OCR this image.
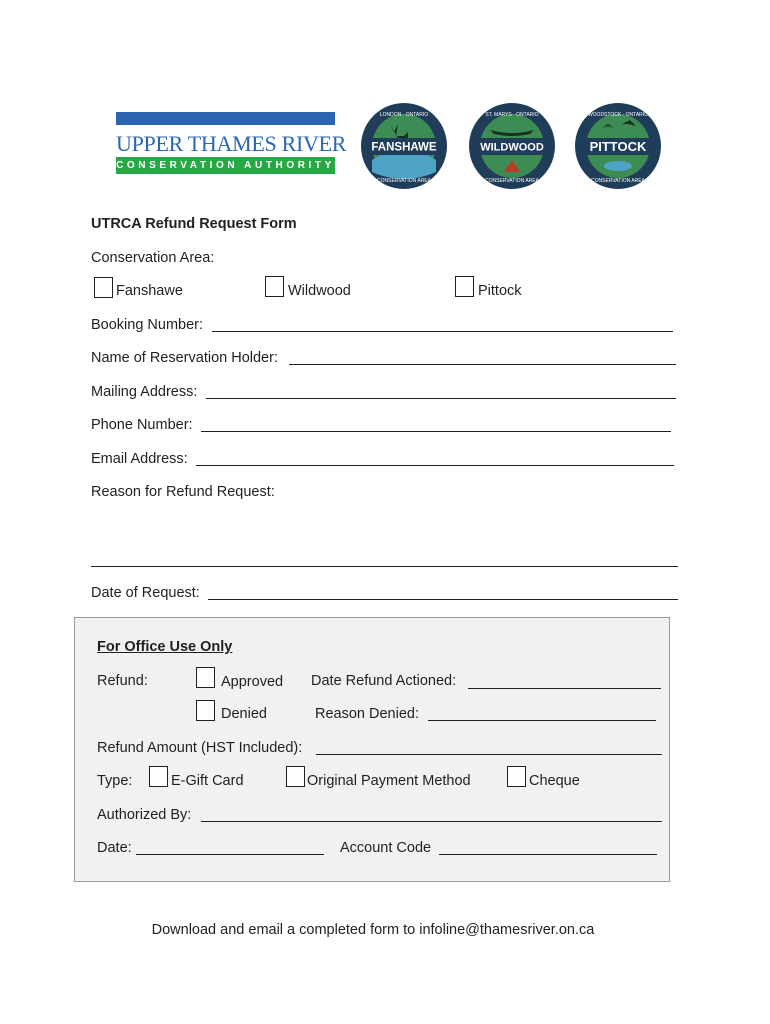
UPPER THAMES RIVER
CONSERVATION AUTHORITY
FANSHAWE
LONDON · ONTARIO
CONSERVATION AREA
WILDWOOD
ST. MARYS · ONTARIO
CONSERVATION AREA
PITTOCK
WOODSTOCK · ONTARIO
CONSERVATION AREA
UTRCA Refund Request Form
Conservation Area:
Fanshawe	Wildwood	Pittock
Booking Number:
Name of Reservation Holder:
Mailing Address:
Phone Number:
Email Address:
Reason for Refund Request:
Date of Request:
For Office Use Only
Refund:	Approved Date Refund Actioned:
Denied	Reason Denied:
Refund Amount (HST Included):
Type:	E-Gift Card	Original Payment Method	Cheque
Authorized By:
Date:	Account Code
Download and email a completed form to infoline@thamesriver.on.ca
